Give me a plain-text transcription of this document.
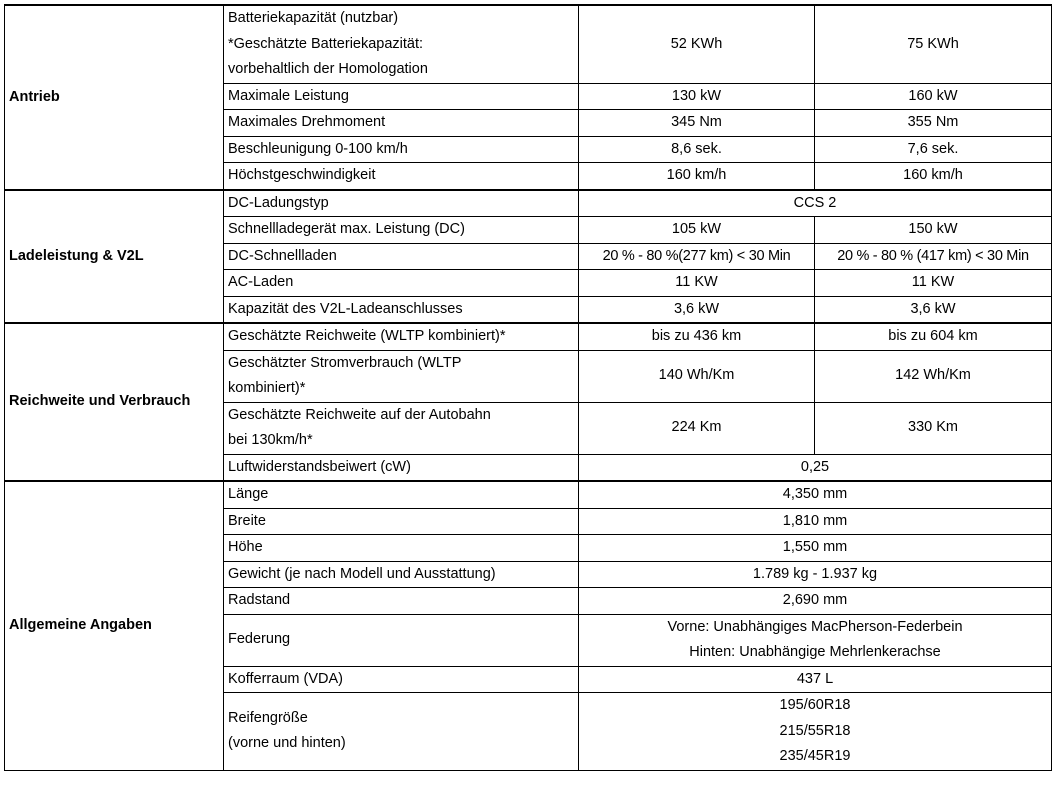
Antrieb	Batteriekapazität (nutzbar)
*Geschätzte Batteriekapazität:
vorbehaltlich der Homologation	52 KWh	75 KWh

	Maximale Leistung	130 kW	160 kW
	Maximales Drehmoment	345 Nm	355 Nm
	Beschleunigung 0-100 km/h	8,6 sek.	7,6 sek.
	Höchstgeschwindigkeit	160 km/h	160 km/h
Ladeleistung & V2L	DC-Ladungstyp	CCS 2	
	Schnellladegerät max. Leistung (DC)	105 kW	150 kW
	DC-Schnellladen	20 % - 80 %(277 km) < 30 Min	20 % - 80 % (417 km) < 30 Min
	AC-Laden	11 KW	11 KW
	Kapazität des V2L-Ladeanschlusses	3,6 kW	3,6 kW
Reichweite und Verbrauch	Geschätzte Reichweite (WLTP kombiniert)*	bis zu 436 km	bis zu 604 km

	Geschätzter Stromverbrauch (WLTP
kombiniert)*	140 Wh/Km	142 Wh/Km

	Geschätzte Reichweite auf der Autobahn
bei 130km/h*	224 Km	330 Km

	Luftwiderstandsbeiwert (cW)	0,25	
Allgemeine Angaben	Länge	4,350 mm	
	Breite	1,810 mm	
	Höhe	1,550 mm	
	Gewicht (je nach Modell und Ausstattung)	1.789 kg - 1.937 kg	
	Radstand	2,690 mm	
	Federung	Vorne: Unabhängiges MacPherson-Federbein
Hinten: Unabhängige Mehrlenkerachse	

	Kofferraum (VDA)	437 L	

	Reifengröße
(vorne und hinten)	195/60R18
215/55R18
235/45R19	
